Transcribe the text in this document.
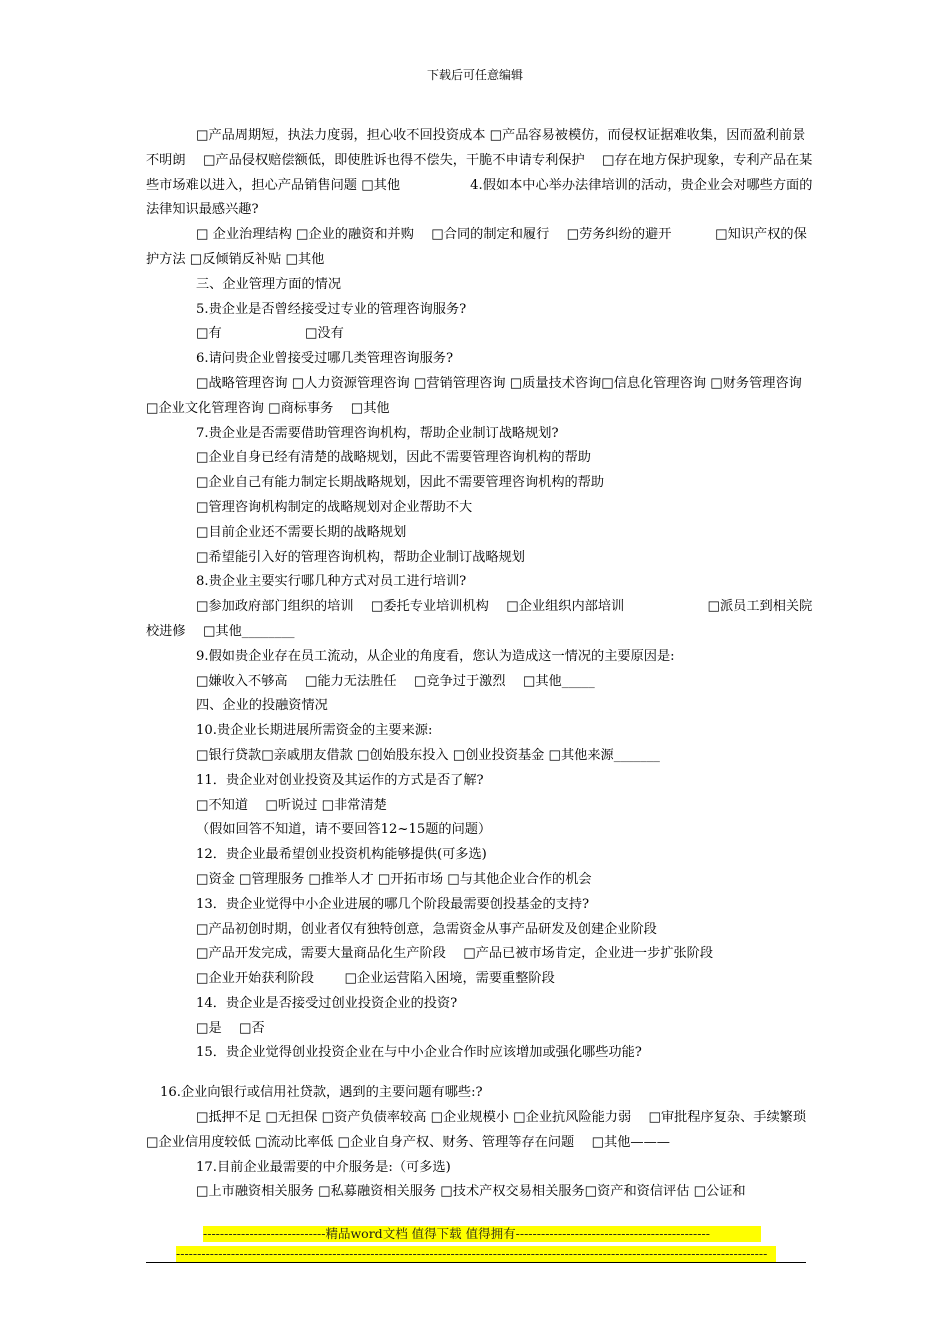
下载后可任意编辑

□产品周期短，执法力度弱，担心收不回投资成本 □产品容易被模仿，而侵权证据难收集，因而盈利前景不明朗　 □产品侵权赔偿额低，即使胜诉也得不偿失，干脆不申请专利保护　 □存在地方保护现象，专利产品在某些市场难以进入，担心产品销售问题 □其他　　　　　 4.假如本中心举办法律培训的活动，贵企业会对哪些方面的法律知识最感兴趣?

□ 企业治理结构 □企业的融资和并购　 □合同的制定和履行　 □劳务纠纷的避开　　　 □知识产权的保护方法 □反倾销反补贴 □其他

三、企业管理方面的情况

5.贵企业是否曾经接受过专业的管理咨询服务?

□有　　　　　　 □没有

6.请问贵企业曾接受过哪几类管理咨询服务?

□战略管理咨询 □人力资源管理咨询 □营销管理咨询 □质量技术咨询□信息化管理咨询 □财务管理咨询 □企业文化管理咨询 □商标事务　 □其他

7.贵企业是否需要借助管理咨询机构，帮助企业制订战略规划?

□企业自身已经有清楚的战略规划，因此不需要管理咨询机构的帮助

□企业自己有能力制定长期战略规划，因此不需要管理咨询机构的帮助

□管理咨询机构制定的战略规划对企业帮助不大

□目前企业还不需要长期的战略规划

□希望能引入好的管理咨询机构，帮助企业制订战略规划

8.贵企业主要实行哪几种方式对员工进行培训?

□参加政府部门组织的培训　 □委托专业培训机构　 □企业组织内部培训　　　　　　 □派员工到相关院校进修　 □其他________

9.假如贵企业存在员工流动，从企业的角度看，您认为造成这一情况的主要原因是:

□嫌收入不够高　 □能力无法胜任　 □竞争过于激烈　 □其他_____

四、企业的投融资情况

10.贵企业长期进展所需资金的主要来源:

□银行贷款□亲戚朋友借款 □创始股东投入 □创业投资基金 □其他来源_______

11．贵企业对创业投资及其运作的方式是否了解?

□不知道　 □听说过 □非常清楚

（假如回答不知道，请不要回答12~15题的问题）

12．贵企业最希望创业投资机构能够提供(可多选)

□资金 □管理服务 □推举人才 □开拓市场 □与其他企业合作的机会

13．贵企业觉得中小企业进展的哪几个阶段最需要创投基金的支持?

□产品初创时期，创业者仅有独特创意，急需资金从事产品研发及创建企业阶段

□产品开发完成，需要大量商品化生产阶段　 □产品已被市场肯定，企业进一步扩张阶段

□企业开始获利阶段　　 □企业运营陷入困境，需要重整阶段

14．贵企业是否接受过创业投资企业的投资?

□是　 □否

15．贵企业觉得创业投资企业在与中小企业合作时应该增加或强化哪些功能?

16.企业向银行或信用社贷款，遇到的主要问题有哪些:?

□抵押不足 □无担保 □资产负债率较高 □企业规模小 □企业抗风险能力弱　 □审批程序复杂、手续繁琐 □企业信用度较低 □流动比率低 □企业自身产权、财务、管理等存在问题　 □其他———

17.目前企业最需要的中介服务是:（可多选)

□上市融资相关服务 □私募融资相关服务 □技术产权交易相关服务□资产和资信评估 □公证和

-----------------------------精品word文档 值得下载 值得拥有----------------------------------------------
--------------------------------------------------------------------------------------------------------------------------------------------
